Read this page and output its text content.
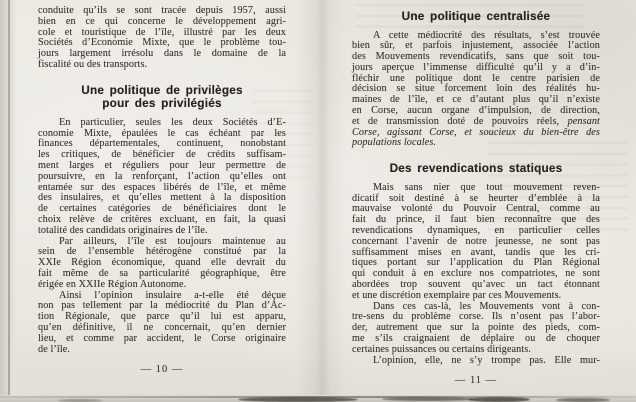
conduite qu’ils se sont tracée depuis 1957, aussi
bien en ce qui concerne le développement agri-
cole et touristique de l’île, illustré par les deux
Sociétés d’Economie Mixte, que le problème tou-
jours largement irrésolu dans le domaine de la
fiscalité ou des transports.
Une politique de privilèges
pour des privilégiés
En particulier, seules les deux Sociétés d’E-
conomie Mixte, épaulées le cas échéant par les
finances départementales, continuent, nonobstant
les critiques, de bénéficier de crédits suffisam-
ment larges et réguliers pour leur permettre de
poursuivre, en la renforçant, l’action qu’elles ont
entamée sur des espaces libérés de l’île, et même
des insulaires, et qu’elles mettent à la disposition
de certaines catégories de bénéficiaires dont le
choix relève de critères excluant, en fait, la quasi
totalité des candidats originaires de l’île.
Par ailleurs, l’île est toujours maintenue au
sein de l’ensemble hétérogène constitué par la
XXIe Région économique, quand elle devrait du
fait même de sa particularité géographique, être
érigée en XXIIe Région Autonome.
Ainsi l’opinion insulaire a-t-elle été déçue
non pas tellement par la médiocrité du Plan d’Ac-
tion Régionale, que parce qu’il lui est apparu,
qu’en définitive, il ne concernait, qu’en dernier
lieu, et comme par accident, le Corse originaire
de l’île.
— 10 —
Une politique centralisée
A cette médiocrité des résultats, s’est trouvée
bien sûr, et parfois injustement, associée l’action
des Mouvements revendicatifs, sans que soit tou-
jours aperçue l’immense difficulté qu’il y a d’in-
fléchir une politique dont le centre parisien de
décision se situe forcement loin des réalités hu-
maines de l’île, et ce d’autant plus qu’il n’existe
en Corse, aucun organe d’impulsion, de direction,
et de transmission doté de pouvoirs réels, pensant
Corse, agissant Corse, et soucieux du bien-être des
populations locales.
Des revendications statiques
Mais sans nier que tout mouvement reven-
dicatif soit destiné à se heurter d’emblée à la
mauvaise volonté du Pouvoir Central, comme au
fait du prince, il faut bien reconnaître que des
revendications dynamiques, en particulier celles
concernant l’avenir de notre jeunesse, ne sont pas
suffisamment mises en avant, tandis que les cri-
tiques portant sur l’application du Plan Régional
qui conduit à en exclure nos compatriotes, ne sont
abordées trop souvent qu’avec un tact étonnant
et une discrétion exemplaire par ces Mouvements.
Dans ces cas-là, les Mouvements vont à con-
tre-sens du problème corse. Ils n’osent pas l’abor-
der, autrement que sur la pointe des pieds, com-
me s’ils craignaient de déplaire ou de choquer
certaines puissances ou certains dirigeants.
L’opinion, elle, ne s’y trompe pas. Elle mur-
— 11 —
